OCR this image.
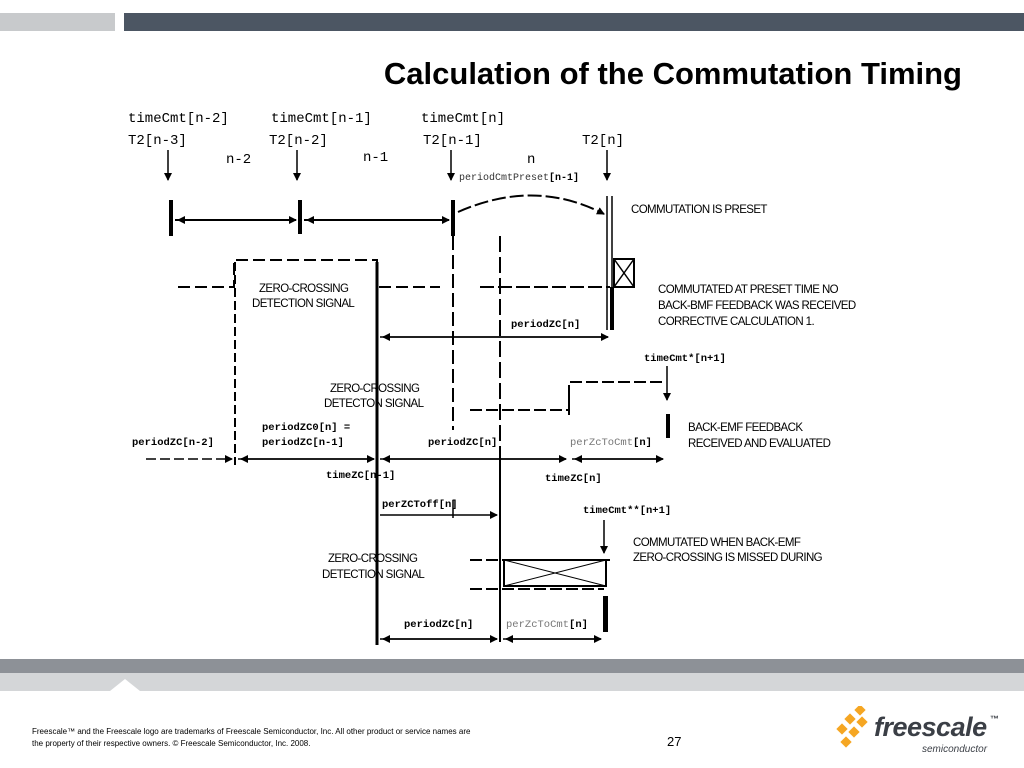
Calculation of the Commutation Timing
timeCmt[n-2]	timeCmt[n-1]	timeCmt[n]
T2[n-3]	T2[n-2]	T2[n-1]	T2[n]
n-2	n-1	n
periodCmtPreset[n-1]
ZERO-CROSSING
DETECTION SIGNAL
COMMUTATION IS PRESET
COMMUTATED AT PRESET TIME NO
BACK-BMF FEEDBACK WAS RECEIVED
CORRECTIVE CALCULATION 1.
periodZC[n]
timeCmt*[n+1]
ZERO-CROSSING
DETECTON SIGNAL
BACK-EMF FEEDBACK
RECEIVED AND EVALUATED
periodZC0[n] =
periodZC[n-1]
periodZC[n-2]	periodZC[n]
timeZC[n-1]	timeZC[n]
perZcToCmt[n]
perZCToff[n]	timeCmt**[n+1]
COMMUTATED WHEN BACK-EMF
ZERO-CROSSING IS MISSED DURING
ZERO-CROSSING
DETECTION SIGNAL
periodZC[n]	perZcToCmt[n]
Freescale™ and the Freescale logo are trademarks of Freescale Semiconductor, Inc. All other product or service names are
the property of their respective owners. © Freescale Semiconductor, Inc. 2008.	27	freescale ™
semiconductor
